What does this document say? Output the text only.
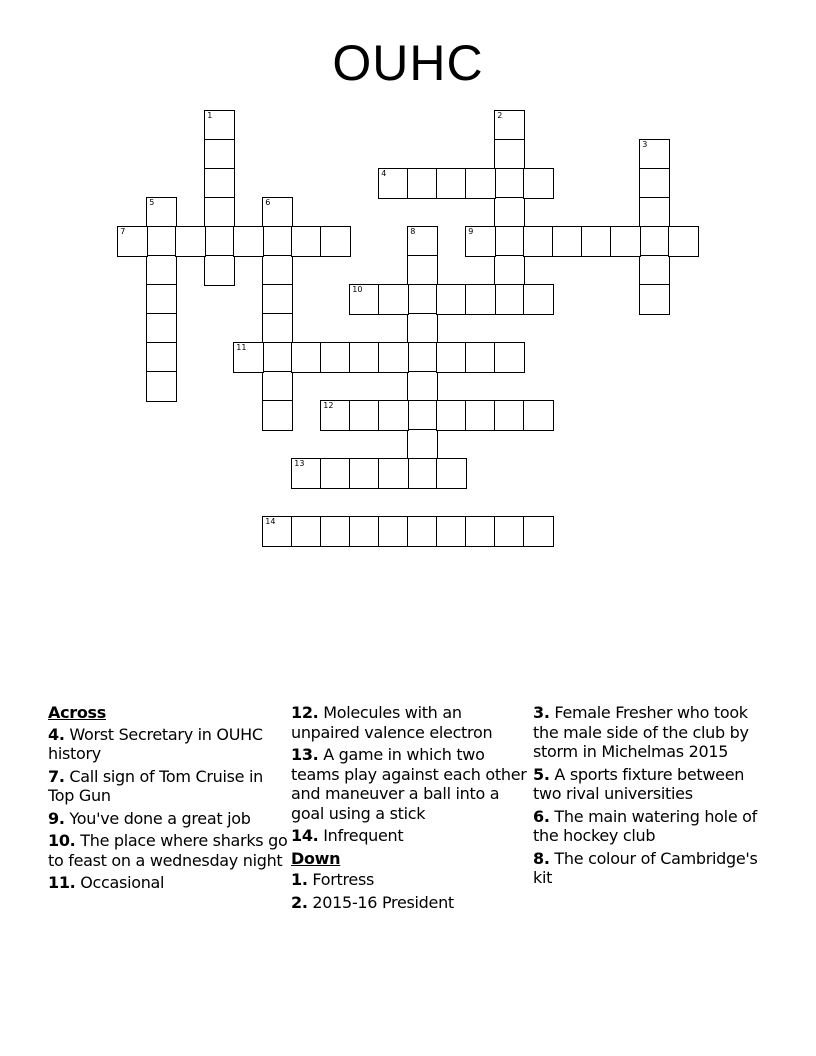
OUHC
1	2
3
4
5	6
7	8	9
10
11
12
13
14
Across
4. Worst Secretary in OUHC history
7. Call sign of Tom Cruise in Top Gun
9. You've done a great job
10. The place where sharks go to feast on a wednesday night
11. Occasional
12. Molecules with an unpaired valence electron
13. A game in which two teams play against each other and maneuver a ball into a goal using a stick
14. Infrequent
Down
1. Fortress
2. 2015-16 President
3. Female Fresher who took the male side of the club by storm in Michelmas 2015
5. A sports fixture between two rival universities
6. The main watering hole of the hockey club
8. The colour of Cambridge's kit
